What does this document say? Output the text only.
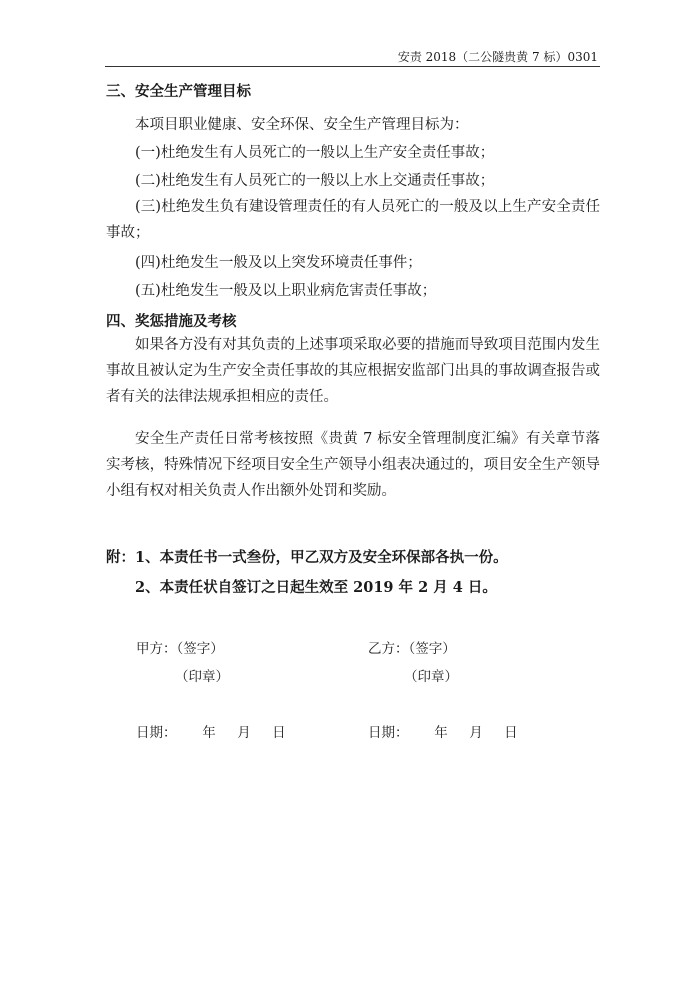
安责 2018（二公隧贵黄 7 标）0301
三、安全生产管理目标
本项目职业健康、安全环保、安全生产管理目标为：
(一)杜绝发生有人员死亡的一般以上生产安全责任事故；
(二)杜绝发生有人员死亡的一般以上水上交通责任事故；
(三)杜绝发生负有建设管理责任的有人员死亡的一般及以上生产安全责任事故；
(四)杜绝发生一般及以上突发环境责任事件；
(五)杜绝发生一般及以上职业病危害责任事故；
四、奖惩措施及考核
如果各方没有对其负责的上述事项采取必要的措施而导致项目范围内发生事故且被认定为生产安全责任事故的其应根据安监部门出具的事故调查报告或者有关的法律法规承担相应的责任。
安全生产责任日常考核按照《贵黄 7 标安全管理制度汇编》有关章节落实考核，特殊情况下经项目安全生产领导小组表决通过的，项目安全生产领导小组有权对相关负责人作出额外处罚和奖励。
附：1、本责任书一式叁份，甲乙双方及安全环保部各执一份。
2、本责任状自签订之日起生效至 2019 年 2 月 4 日。
甲方：（签字）
（印章）
乙方：（签字）
（印章）
日期：      年     月     日	日期：      年     月     日
